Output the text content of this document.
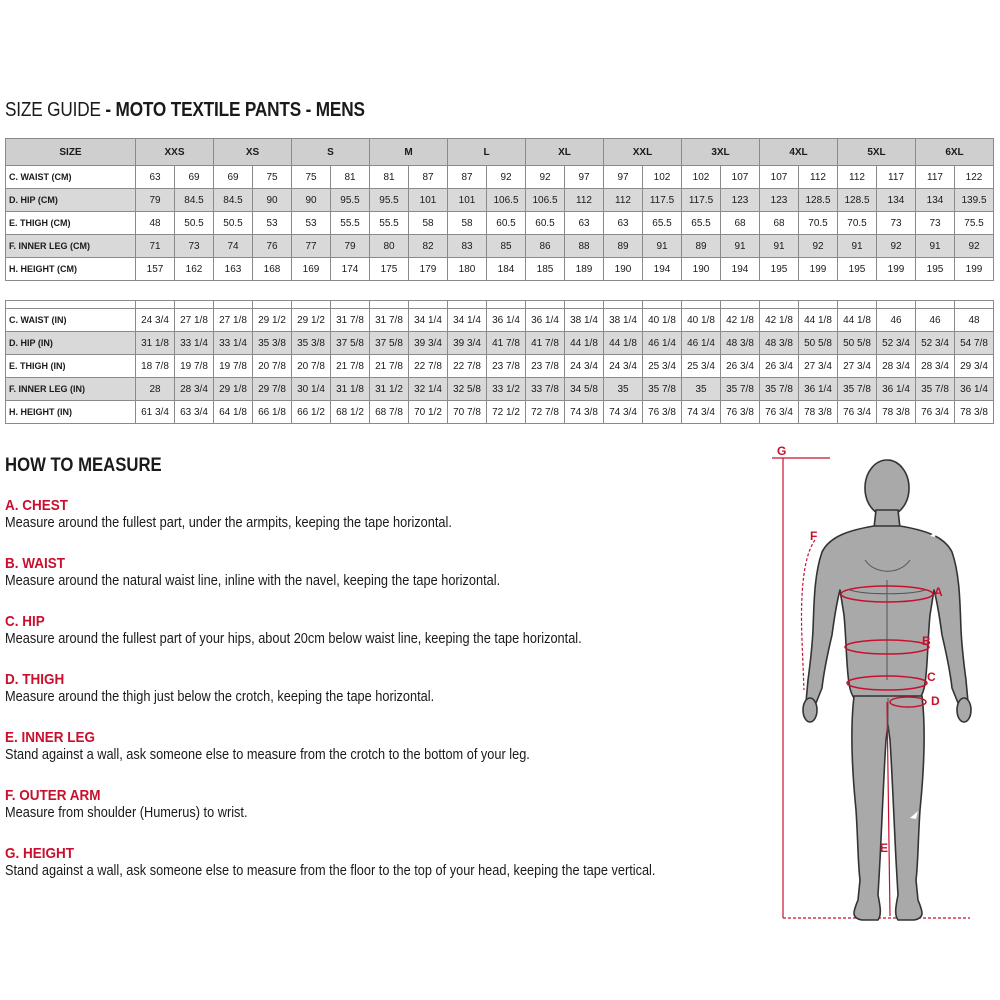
SIZE GUIDE - MOTO TEXTILE PANTS - MENS
SIZE	XXS		XS		S		M		L		XL		XXL		3XL		4XL		5XL		6XL	
C. WAIST (CM)	63	69	69	75	75	81	81	87	87	92	92	97	97	102	102	107	107	112	112	117	117	122
D. HIP (CM)	79	84.5	84.5	90	90	95.5	95.5	101	101	106.5	106.5	112	112	117.5	117.5	123	123	128.5	128.5	134	134	139.5
E. THIGH (CM)	48	50.5	50.5	53	53	55.5	55.5	58	58	60.5	60.5	63	63	65.5	65.5	68	68	70.5	70.5	73	73	75.5
F. INNER LEG (CM)	71	73	74	76	77	79	80	82	83	85	86	88	89	91	89	91	91	92	91	92	91	92
H. HEIGHT (CM)	157	162	163	168	169	174	175	179	180	184	185	189	190	194	190	194	195	199	195	199	195	199

C. WAIST (IN)	24 3/4	27 1/8	27 1/8	29 1/2	29 1/2	31 7/8	31 7/8	34 1/4	34 1/4	36 1/4	36 1/4	38 1/4	38 1/4	40 1/8	40 1/8	42 1/8	42 1/8	44 1/8	44 1/8	46	46	48
D. HIP (IN)	31 1/8	33 1/4	33 1/4	35 3/8	35 3/8	37 5/8	37 5/8	39 3/4	39 3/4	41 7/8	41 7/8	44 1/8	44 1/8	46 1/4	46 1/4	48 3/8	48 3/8	50 5/8	50 5/8	52 3/4	52 3/4	54 7/8
E. THIGH (IN)	18 7/8	19 7/8	19 7/8	20 7/8	20 7/8	21 7/8	21 7/8	22 7/8	22 7/8	23 7/8	23 7/8	24 3/4	24 3/4	25 3/4	25 3/4	26 3/4	26 3/4	27 3/4	27 3/4	28 3/4	28 3/4	29 3/4
F. INNER LEG (IN)	28	28 3/4	29 1/8	29 7/8	30 1/4	31 1/8	31 1/2	32 1/4	32 5/8	33 1/2	33 7/8	34 5/8	35	35 7/8	35	35 7/8	35 7/8	36 1/4	35 7/8	36 1/4	35 7/8	36 1/4
H. HEIGHT (IN)	61 3/4	63 3/4	64 1/8	66 1/8	66 1/2	68 1/2	68 7/8	70 1/2	70 7/8	72 1/2	72 7/8	74 3/8	74 3/4	76 3/8	74 3/4	76 3/8	76 3/4	78 3/8	76 3/4	78 3/8	76 3/4	78 3/8
HOW TO MEASURE
A. CHEST
Measure around the fullest part, under the armpits, keeping the tape horizontal.
B. WAIST
Measure around the natural waist line, inline with the navel, keeping the tape horizontal.
C. HIP
Measure around the fullest part of your hips, about 20cm below waist line, keeping the tape horizontal.
D. THIGH
Measure around the thigh just below the crotch, keeping the tape horizontal.
E. INNER LEG
Stand against a wall, ask someone else to measure from the crotch to the bottom of your leg.
F. OUTER ARM
Measure from shoulder (Humerus) to wrist.
G. HEIGHT
Stand against a wall, ask someone else to measure from the floor to the top of your head, keeping the tape vertical.
G
F
A
B
C
D
E
